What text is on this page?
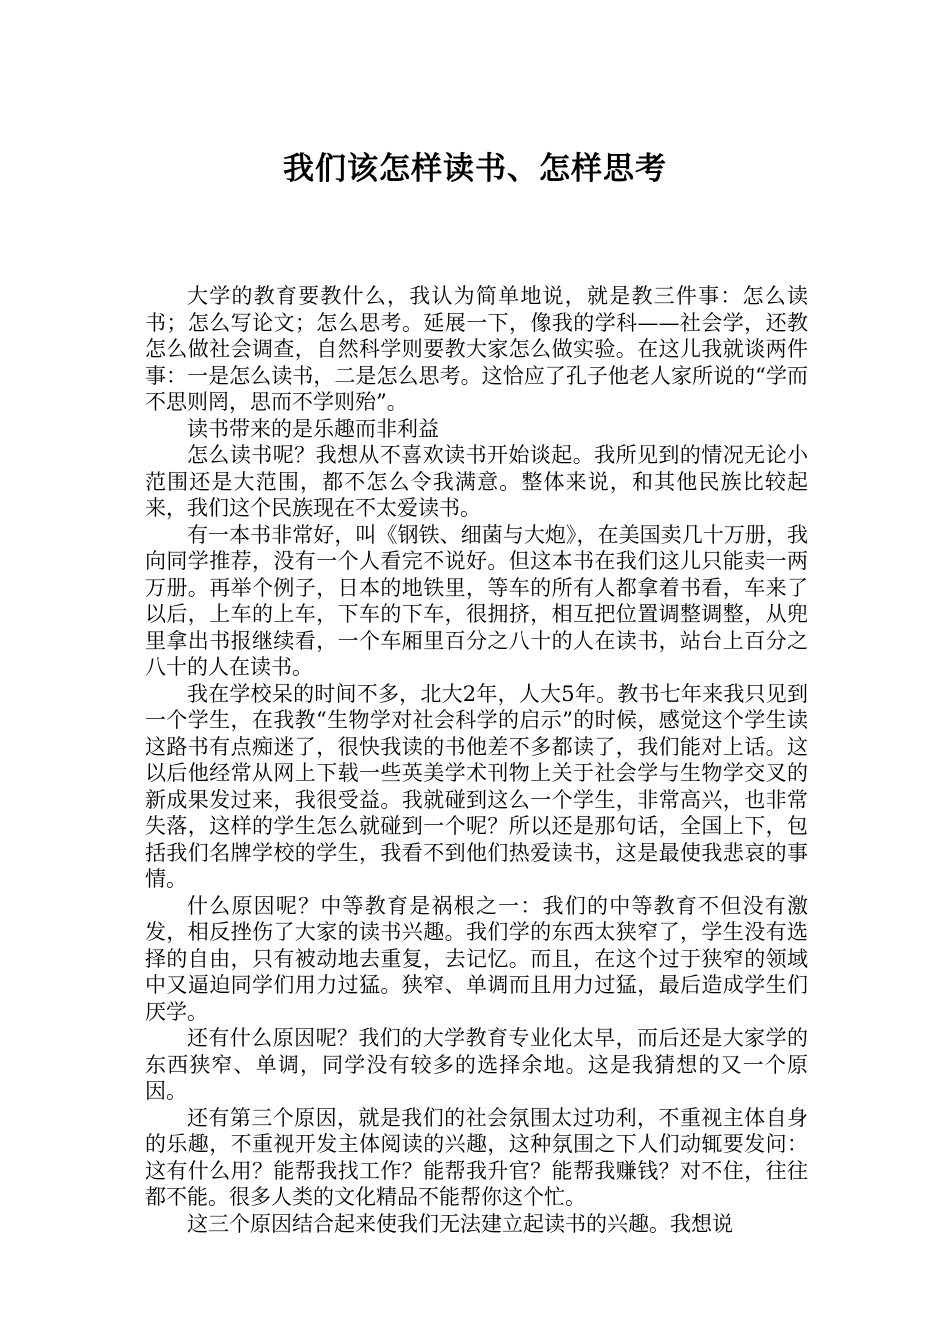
我们该怎样读书、怎样思考

大学的教育要教什么，我认为简单地说，就是教三件事：怎么读书；怎么写论文；怎么思考。延展一下，像我的学科——社会学，还教怎么做社会调查，自然科学则要教大家怎么做实验。在这儿我就谈两件事：一是怎么读书，二是怎么思考。这恰应了孔子他老人家所说的“学而不思则罔，思而不学则殆”。

读书带来的是乐趣而非利益

怎么读书呢？我想从不喜欢读书开始谈起。我所见到的情况无论小范围还是大范围，都不怎么令我满意。整体来说，和其他民族比较起来，我们这个民族现在不太爱读书。

有一本书非常好，叫《钢铁、细菌与大炮》，在美国卖几十万册，我向同学推荐，没有一个人看完不说好。但这本书在我们这儿只能卖一两万册。再举个例子，日本的地铁里，等车的所有人都拿着书看，车来了以后，上车的上车，下车的下车，很拥挤，相互把位置调整调整，从兜里拿出书报继续看，一个车厢里百分之八十的人在读书，站台上百分之八十的人在读书。

我在学校呆的时间不多，北大2年，人大5年。教书七年来我只见到一个学生，在我教“生物学对社会科学的启示”的时候，感觉这个学生读这路书有点痴迷了，很快我读的书他差不多都读了，我们能对上话。这以后他经常从网上下载一些英美学术刊物上关于社会学与生物学交叉的新成果发过来，我很受益。我就碰到这么一个学生，非常高兴，也非常失落，这样的学生怎么就碰到一个呢？所以还是那句话，全国上下，包括我们名牌学校的学生，我看不到他们热爱读书，这是最使我悲哀的事情。

什么原因呢？中等教育是祸根之一：我们的中等教育不但没有激发，相反挫伤了大家的读书兴趣。我们学的东西太狭窄了，学生没有选择的自由，只有被动地去重复，去记忆。而且，在这个过于狭窄的领域中又逼迫同学们用力过猛。狭窄、单调而且用力过猛，最后造成学生们厌学。

还有什么原因呢？我们的大学教育专业化太早，而后还是大家学的东西狭窄、单调，同学没有较多的选择余地。这是我猜想的又一个原因。

还有第三个原因，就是我们的社会氛围太过功利，不重视主体自身的乐趣，不重视开发主体阅读的兴趣，这种氛围之下人们动辄要发问：这有什么用？能帮我找工作？能帮我升官？能帮我赚钱？对不住，往往都不能。很多人类的文化精品不能帮你这个忙。

这三个原因结合起来使我们无法建立起读书的兴趣。我想说
